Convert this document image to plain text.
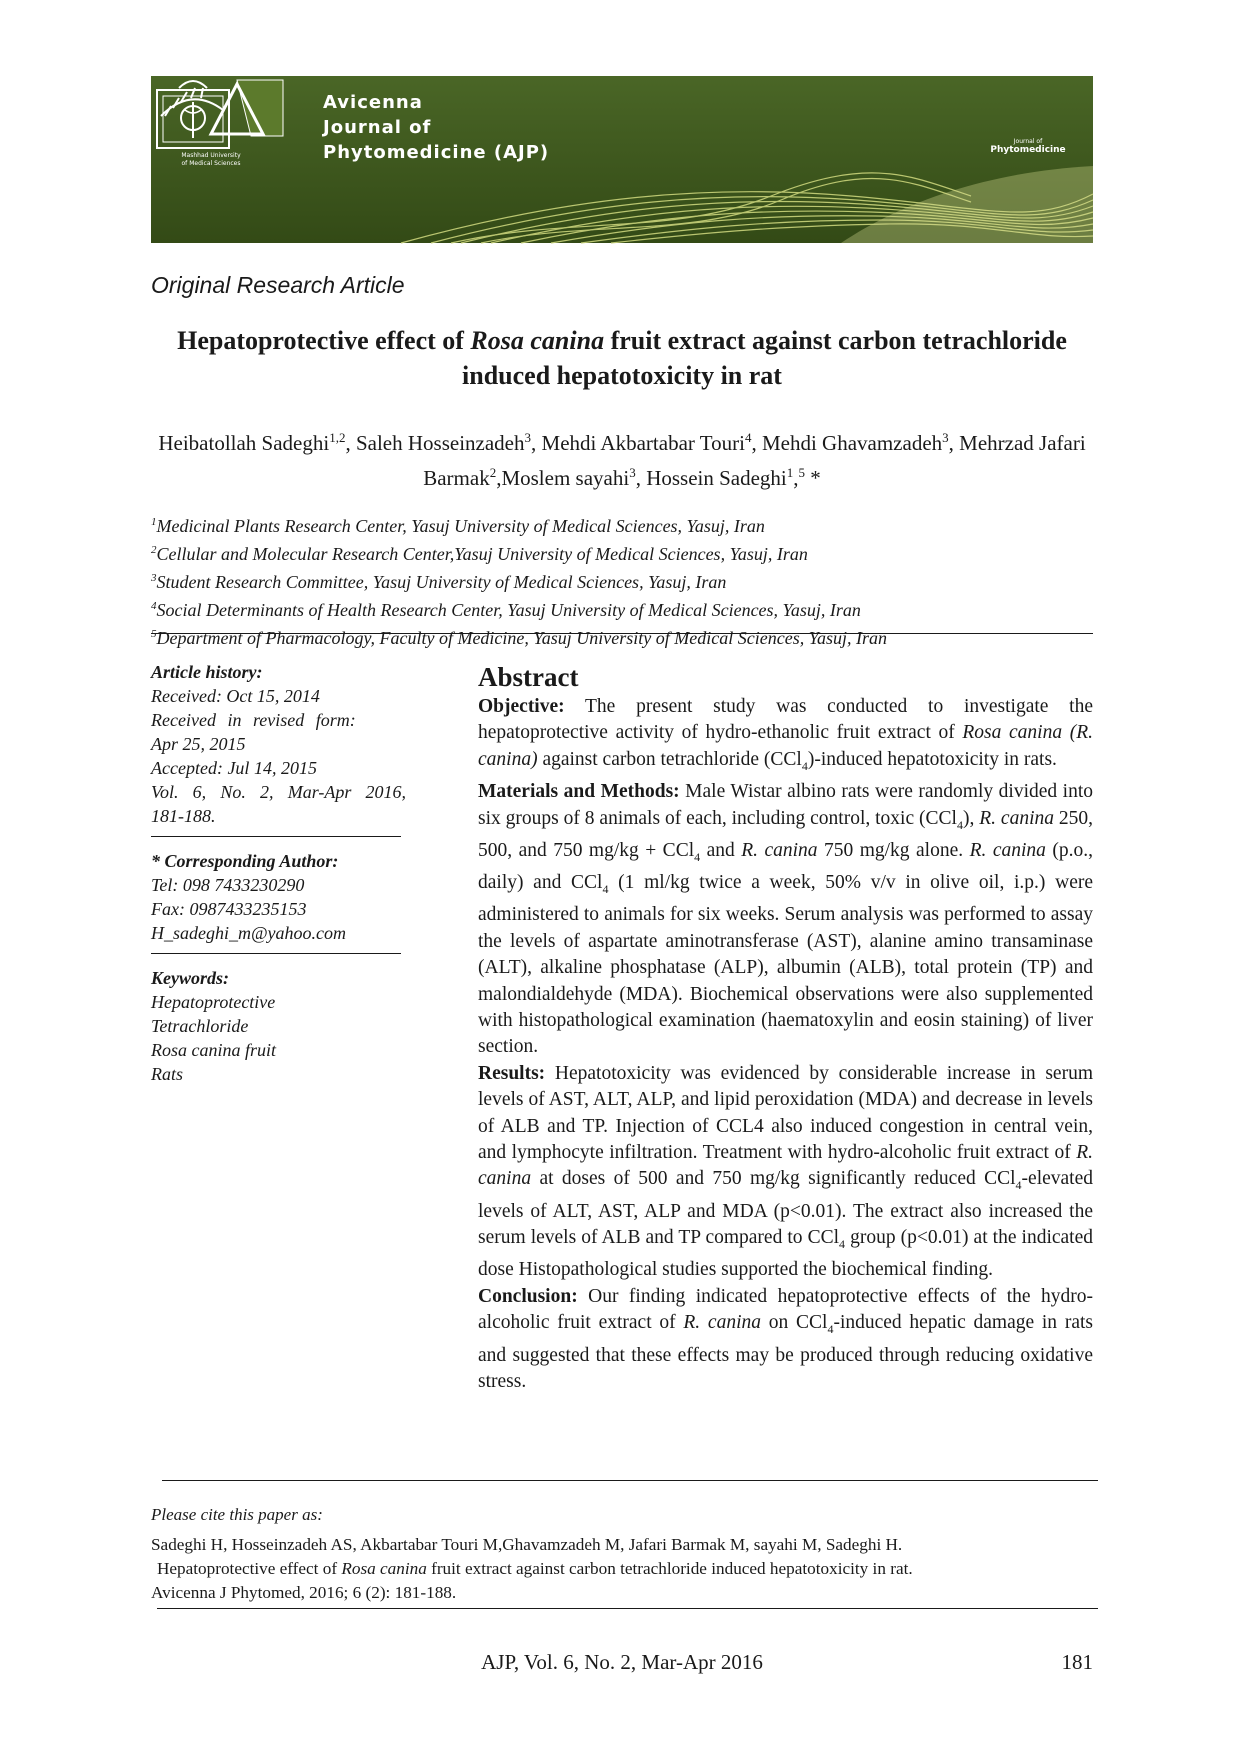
Mashhad University
of Medical Sciences
Avicenna
Journal of
Phytomedicine (AJP)
Journal of
Phytomedicine
vicenna
Original Research Article
Hepatoprotective effect of Rosa canina fruit extract against carbon tetrachloride induced hepatotoxicity in rat
Heibatollah Sadeghi$^{1,2}$, Saleh Hosseinzadeh$^3$, Mehdi Akbartabar Touri$^4$, Mehdi Ghavamzadeh$^3$, Mehrzad Jafari Barmak$^2$,Moslem sayahi$^3$, Hossein Sadeghi$^1$,$^5$ *
$^1$Medicinal Plants Research Center, Yasuj University of Medical Sciences, Yasuj, Iran
$^2$Cellular and Molecular Research Center,Yasuj University of Medical Sciences, Yasuj, Iran
$^3$Student Research Committee, Yasuj University of Medical Sciences, Yasuj, Iran
$^4$Social Determinants of Health Research Center, Yasuj University of Medical Sciences, Yasuj, Iran
$^5$Department of Pharmacology, Faculty of Medicine, Yasuj University of Medical Sciences, Yasuj, Iran
Article history:
Received: Oct 15, 2014
Received in revised form:
Apr 25, 2015
Accepted: Jul 14, 2015
Vol. 6, No. 2, Mar-Apr 2016, 181-188.
* Corresponding Author:
Tel: 098 7433230290
Fax: 0987433235153
H_sadeghi_m@yahoo.com
Keywords:
Hepatoprotective
Tetrachloride
Rosa canina fruit
Rats
Abstract

Objective: The present study was conducted to investigate the hepatoprotective activity of hydro-ethanolic fruit extract of Rosa canina (R. canina) against carbon tetrachloride (CCl$_4$)-induced hepatotoxicity in rats.

Materials and Methods: Male Wistar albino rats were randomly divided into six groups of 8 animals of each, including control, toxic (CCl$_4$), R. canina 250, 500, and 750 mg/kg + CCl$_4$ and R. canina 750 mg/kg alone. R. canina (p.o., daily) and CCl$_4$ (1 ml/kg twice a week, 50% v/v in olive oil, i.p.) were administered to animals for six weeks. Serum analysis was performed to assay the levels of aspartate aminotransferase (AST), alanine amino transaminase (ALT), alkaline phosphatase (ALP), albumin (ALB), total protein (TP) and malondialdehyde (MDA). Biochemical observations were also supplemented with histopathological examination (haematoxylin and eosin staining) of liver section.

Results: Hepatotoxicity was evidenced by considerable increase in serum levels of AST, ALT, ALP, and lipid peroxidation (MDA) and decrease in levels of ALB and TP. Injection of CCL4 also induced congestion in central vein, and lymphocyte infiltration. Treatment with hydro-alcoholic fruit extract of R. canina at doses of 500 and 750 mg/kg significantly reduced CCl$_4$-elevated levels of ALT, AST, ALP and MDA (p<0.01). The extract also increased the serum levels of ALB and TP compared to CCl$_4$ group (p<0.01) at the indicated dose Histopathological studies supported the biochemical finding.

Conclusion: Our finding indicated hepatoprotective effects of the hydro-alcoholic fruit extract of R. canina on CCl$_4$-induced hepatic damage in rats and suggested that these effects may be produced through reducing oxidative stress.

Please cite this paper as:
Sadeghi H, Hosseinzadeh AS, Akbartabar Touri M,Ghavamzadeh M, Jafari Barmak M, sayahi M, Sadeghi H.
Hepatoprotective effect of Rosa canina fruit extract against carbon tetrachloride induced hepatotoxicity in rat.
Avicenna J Phytomed, 2016; 6 (2): 181-188.
AJP, Vol. 6, No. 2, Mar-Apr 2016	181
